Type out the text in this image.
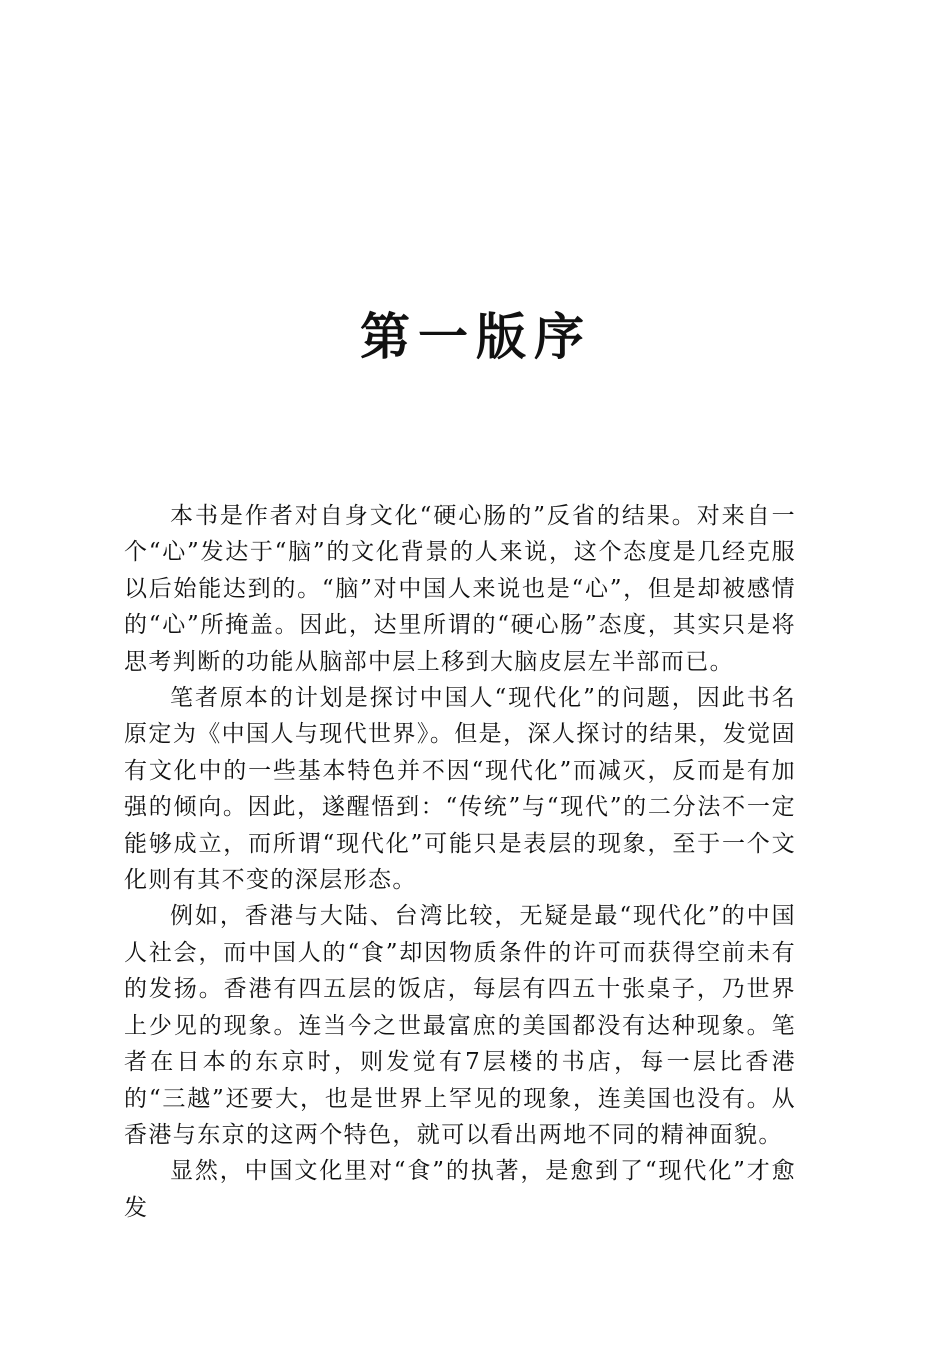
第一版序

本书是作者对自身文化“硬心肠的”反省的结果。对来自一个“心”发达于“脑”的文化背景的人来说，这个态度是几经克服以后始能达到的。“脑”对中国人来说也是“心”，但是却被感情的“心”所掩盖。因此，达里所谓的“硬心肠”态度，其实只是将思考判断的功能从脑部中层上移到大脑皮层左半部而已。

笔者原本的计划是探讨中国人“现代化”的问题，因此书名原定为《中国人与现代世界》。但是，深人探讨的结果，发觉固有文化中的一些基本特色并不因“现代化”而减灭，反而是有加强的倾向。因此，遂醒悟到：“传统”与“现代”的二分法不一定能够成立，而所谓“现代化”可能只是表层的现象，至于一个文化则有其不变的深层形态。

例如，香港与大陆、台湾比较，无疑是最“现代化”的中国人社会，而中国人的“食”却因物质条件的许可而获得空前未有的发扬。香港有四五层的饭店，每层有四五十张桌子，乃世界上少见的现象。连当今之世最富庶的美国都没有达种现象。笔者在日本的东京时，则发觉有7层楼的书店，每一层比香港的“三越”还要大，也是世界上罕见的现象，连美国也没有。从香港与东京的这两个特色，就可以看出两地不同的精神面貌。

显然，中国文化里对“食”的执著，是愈到了“现代化”才愈发
